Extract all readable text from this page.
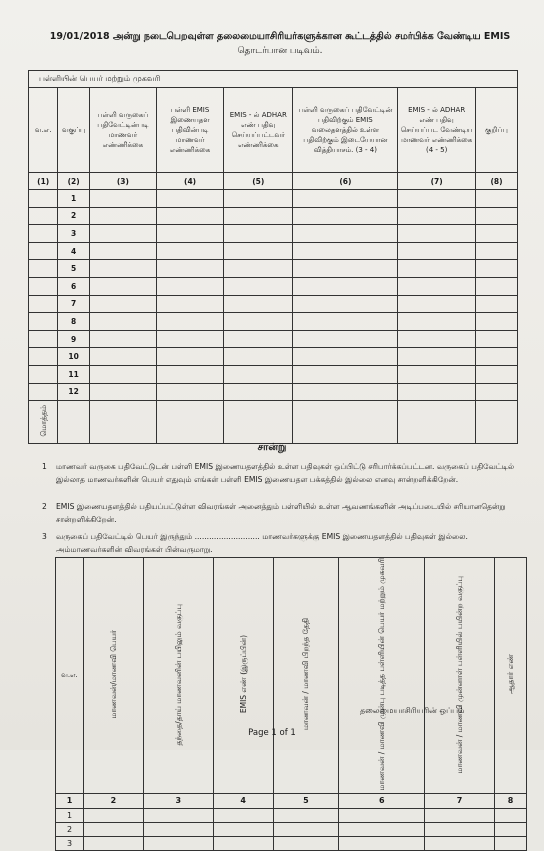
19/01/2018 அன்று நடைபெறவுள்ள தலைமையாசிரியர்களுக்கான கூட்டத்தில் சமர்பிக்க வேண்டிய EMIS
தொடர்பான படிவம்.
பள்ளியின் பெயர் மற்றும் முகவரி							
வ.எ.	வகுப்பு	பள்ளி வருகைப் பதிவேட்டின்படி மாணவர் எண்ணிக்கை	பள்ளி EMIS இணையதள பதிவின்படி மாணவர் எண்ணிக்கை	EMIS - ல் ADHAR எண் பதிவு செய்யப்பட்டவர் எண்ணிக்கை	பள்ளி வருகைப் பதிவேட்டின் பதிவிற்கும் EMIS வலைதளத்தில் உள்ள பதிவிற்கும் இடையேயான வித்தியாசம். (3 - 4)	EMIS - ல் ADHAR எண் பதிவு செய்யப்பட வேண்டிய மாணவர் எண்ணிக்கை (4 - 5)	குறிப்பு
(1)	(2)	(3)	(4)	(5)	(6)	(7)	(8)
	1						
	2						
	3						
	4						
	5						
	6						
	7						
	8						
	9						
	10						
	11						
	12						
மொத்தம்							
சான்று
1 மாணவர் வருகை பதிவேட்டுடன் பள்ளி EMIS இணையதளத்தில் உள்ள பதிவுகள் ஒப்பிட்டு சரிபார்க்கப்பட்டன. வருகைப் பதிவேட்டில் இல்லாத மாணவர்களின் பெயர் எதுவும் எங்கள் பள்ளி EMIS இணையதள பக்கத்தில் இல்லை எனவு சான்றளிக்கிறேன்.
2 EMIS இணையதளத்தில் பதியப்பட்டுள்ள விவரங்கள் அனைத்தும் பள்ளியில் உள்ள ஆவணங்களின் அடிப்படையில் சரியானதென்று சான்றளிக்கிறேன்.
3 வருகைப் பதிவேட்டில் பெயர் இருந்தும் ........................... மாணவர்களுக்கு EMIS இணையதளத்தில் பதிவுகள் இல்லை. அம்மாணவர்களின் விவரங்கள் பின்வருமாறு.
வ.எ.	மாணவன்/மாணவி பெயர்	தந்தை/தாய் மாணவனின் பயிலும் வகுப்பு	EMIS எண் (இருப்பின்)	மாணவன் / மாணவி பிறந்த தேதி	மாணவன் / மாணவி முன்பு படித்த பள்ளியின் பெயர் மற்றும் முகவரி	மாணவன் / மாணவி முன்னாள் பள்ளியில் பயின்ற வகுப்பு	ஆதார் எண்
1	2	3	4	5	6	7	8
1							
2							
3							
தலைமையாசிரியரின் ஒப்பம்
Page 1 of 1
